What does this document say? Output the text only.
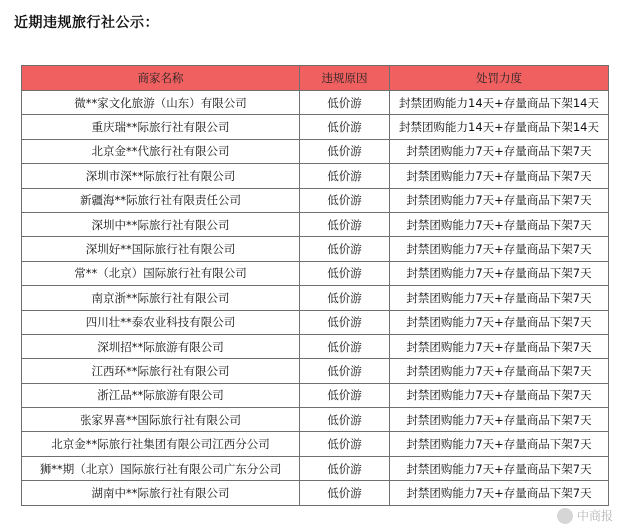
近期违规旅行社公示：
商家名称	违规原因	处罚力度
微**家文化旅游（山东）有限公司	低价游	封禁团购能力14天+存量商品下架14天
重庆瑞**际旅行社有限公司	低价游	封禁团购能力14天+存量商品下架14天
北京金**代旅行社有限公司	低价游	封禁团购能力7天+存量商品下架7天
深圳市深**际旅行社有限公司	低价游	封禁团购能力7天+存量商品下架7天
新疆海**际旅行社有限责任公司	低价游	封禁团购能力7天+存量商品下架7天
深圳中**际旅行社有限公司	低价游	封禁团购能力7天+存量商品下架7天
深圳好**国际旅行社有限公司	低价游	封禁团购能力7天+存量商品下架7天
常**（北京）国际旅行社有限公司	低价游	封禁团购能力7天+存量商品下架7天
南京浙**际旅行社有限公司	低价游	封禁团购能力7天+存量商品下架7天
四川壮**泰农业科技有限公司	低价游	封禁团购能力7天+存量商品下架7天
深圳招**际旅游有限公司	低价游	封禁团购能力7天+存量商品下架7天
江西环**际旅行社有限公司	低价游	封禁团购能力7天+存量商品下架7天
浙江品**际旅游有限公司	低价游	封禁团购能力7天+存量商品下架7天
张家界喜**国际旅行社有限公司	低价游	封禁团购能力7天+存量商品下架7天
北京金**际旅行社集团有限公司江西分公司	低价游	封禁团购能力7天+存量商品下架7天
狮**期（北京）国际旅行社有限公司广东分公司	低价游	封禁团购能力7天+存量商品下架7天
湖南中**际旅行社有限公司	低价游	封禁团购能力7天+存量商品下架7天
中商报
